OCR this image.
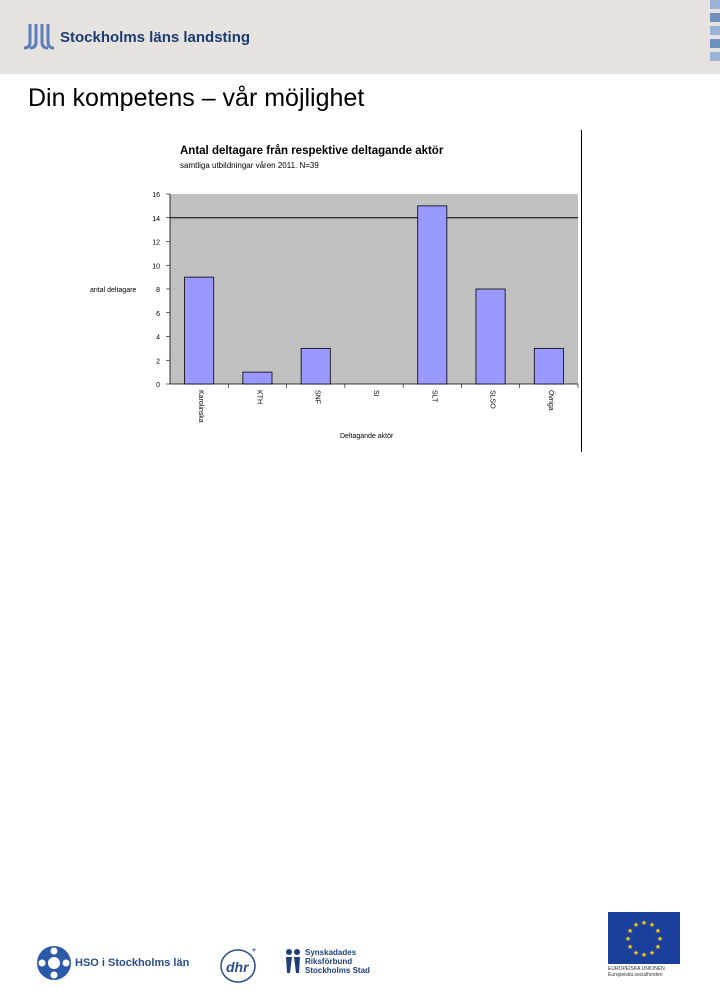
Stockholms läns landsting
Din kompetens – vår möjlighet
Antal deltagare från respektive deltagande aktör
samtliga utbildningar våren 2011. N=39
antal deltagare
Deltagande aktör
0
2
4
6
8
10
12
14
16
Karolinska	KTH	SNF	SI	SLT	SLSO	Övriga
HSO i Stockholms län	dhr
*	Synskadades
Riksförbund
Stockholms Stad
★ ★
★
★
★
★
★
★
★
★
★
★
EUROPEISKA UNIONEN
Europeiska socialfonden
